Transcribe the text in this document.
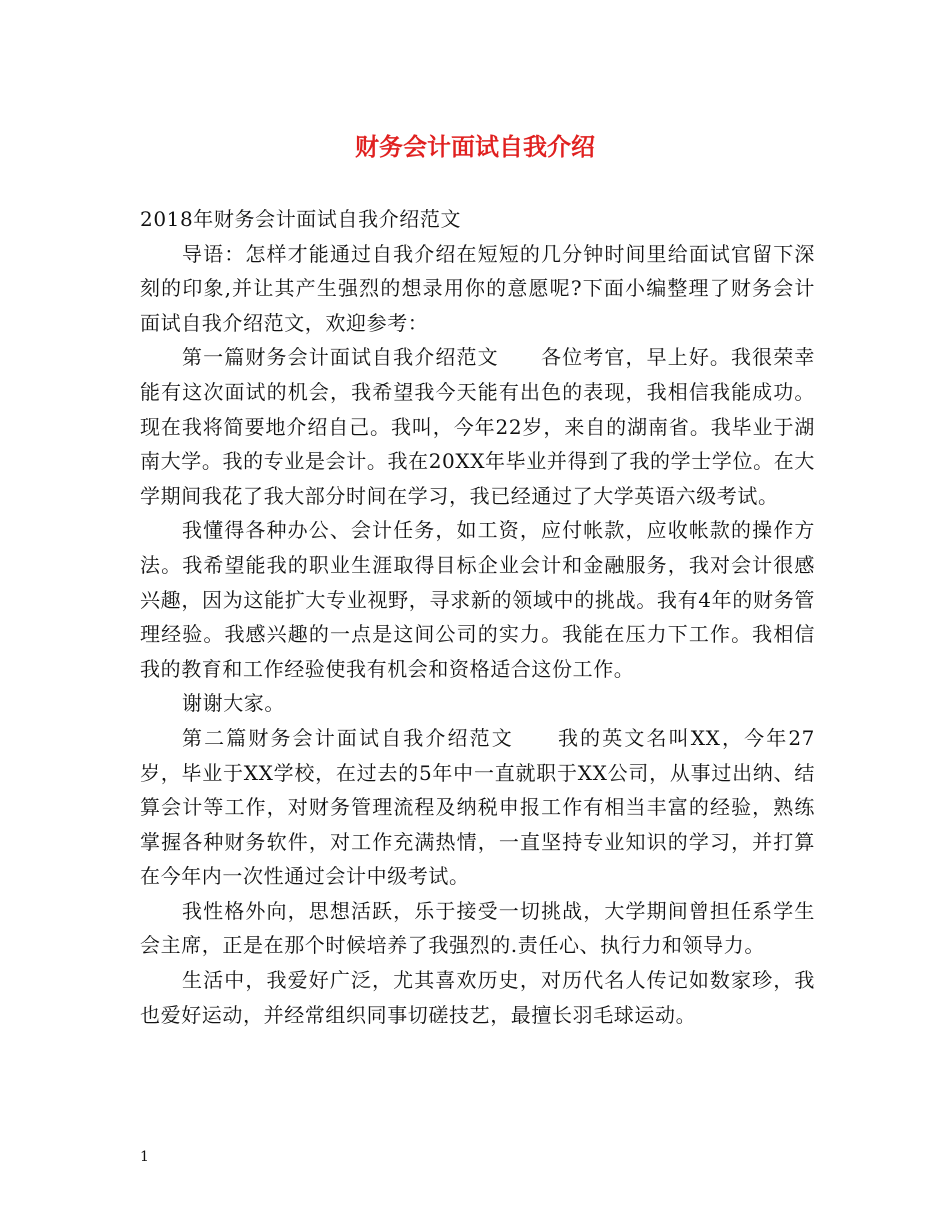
财务会计面试自我介绍

2018年财务会计面试自我介绍范文

导语：怎样才能通过自我介绍在短短的几分钟时间里给面试官留下深刻的印象,并让其产生强烈的想录用你的意愿呢?下面小编整理了财务会计面试自我介绍范文，欢迎参考：

第一篇财务会计面试自我介绍范文　　各位考官，早上好。我很荣幸能有这次面试的机会，我希望我今天能有出色的表现，我相信我能成功。现在我将简要地介绍自己。我叫，今年22岁，来自的湖南省。我毕业于湖南大学。我的专业是会计。我在20XX年毕业并得到了我的学士学位。在大学期间我花了我大部分时间在学习，我已经通过了大学英语六级考试。

我懂得各种办公、会计任务，如工资，应付帐款，应收帐款的操作方法。我希望能我的职业生涯取得目标企业会计和金融服务，我对会计很感兴趣，因为这能扩大专业视野，寻求新的领域中的挑战。我有4年的财务管理经验。我感兴趣的一点是这间公司的实力。我能在压力下工作。我相信我的教育和工作经验使我有机会和资格适合这份工作。

谢谢大家。

第二篇财务会计面试自我介绍范文　　我的英文名叫XX，今年27岁，毕业于XX学校，在过去的5年中一直就职于XX公司，从事过出纳、结算会计等工作，对财务管理流程及纳税申报工作有相当丰富的经验，熟练掌握各种财务软件，对工作充满热情，一直坚持专业知识的学习，并打算在今年内一次性通过会计中级考试。

我性格外向，思想活跃，乐于接受一切挑战，大学期间曾担任系学生会主席，正是在那个时候培养了我强烈的.责任心、执行力和领导力。

生活中，我爱好广泛，尤其喜欢历史，对历代名人传记如数家珍，我也爱好运动，并经常组织同事切磋技艺，最擅长羽毛球运动。

1
